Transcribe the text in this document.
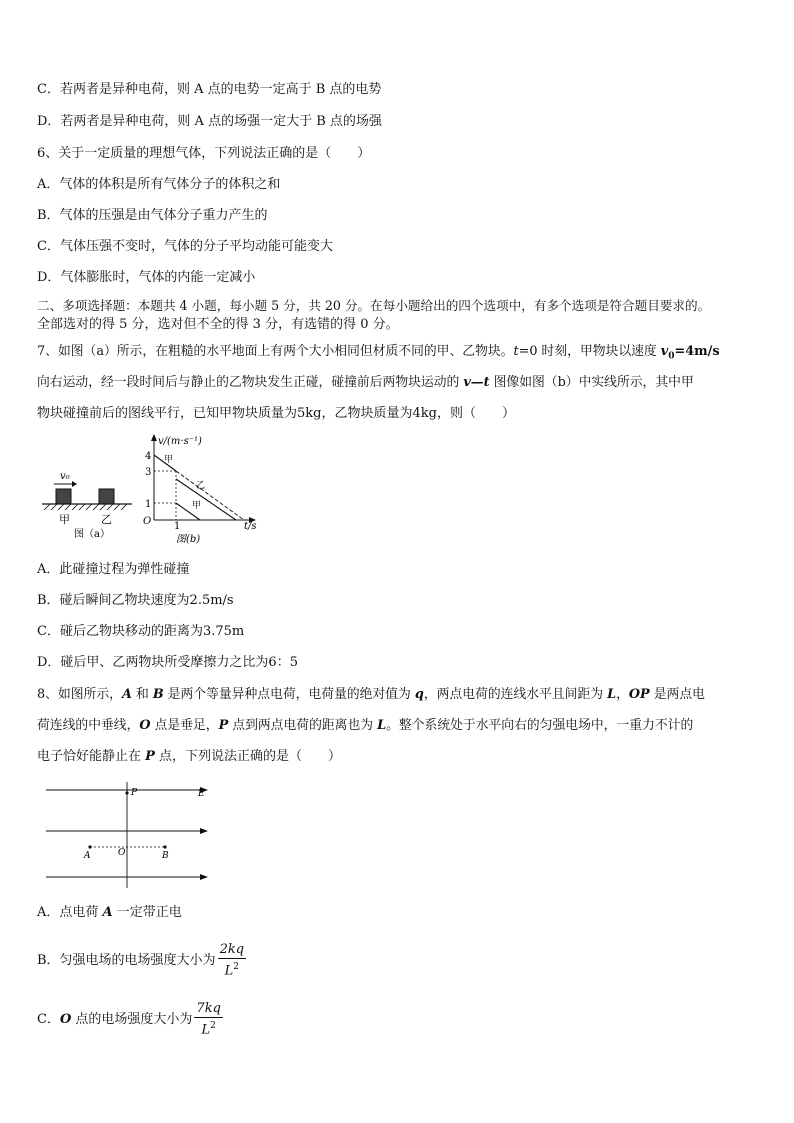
C．若两者是异种电荷，则 A 点的电势一定高于 B 点的电势
D．若两者是异种电荷，则 A 点的场强一定大于 B 点的场强
6、关于一定质量的理想气体，下列说法正确的是（　　）
A．气体的体积是所有气体分子的体积之和
B．气体的压强是由气体分子重力产生的
C．气体压强不变时，气体的分子平均动能可能变大
D．气体膨胀时，气体的内能一定减小
二、多项选择题：本题共 4 小题，每小题 5 分，共 20 分。在每小题给出的四个选项中，有多个选项是符合题目要求的。
全部选对的得 5 分，选对但不全的得 3 分，有选错的得 0 分。
7、如图（a）所示，在粗糙的水平地面上有两个大小相同但材质不同的甲、乙物块。t=0 时刻，甲物块以速度 $v_0=4m/s$
向右运动，经一段时间后与静止的乙物块发生正碰，碰撞前后两物块运动的 v—t 图像如图（b）中实线所示，其中甲
物块碰撞前后的图线平行，已知甲物块质量为5kg，乙物块质量为4kg，则（　　）
v₀
甲	乙
图（a）
v/(m·s⁻¹)
t/s
O
4
3
1
1
甲
乙
甲
图(b)
A．此碰撞过程为弹性碰撞
B．碰后瞬间乙物块速度为2.5m/s
C．碰后乙物块移动的距离为3.75m
D．碰后甲、乙两物块所受摩擦力之比为6：5
8、如图所示，A 和 B 是两个等量异种点电荷，电荷量的绝对值为 q，两点电荷的连线水平且间距为 L，OP 是两点电
荷连线的中垂线，O 点是垂足，P 点到两点电荷的距离也为 L。整个系统处于水平向右的匀强电场中，一重力不计的
电子恰好能静止在 P 点，下列说法正确的是（　　）
P	E
O
A	B
A．点电荷 A 一定带正电
B．匀强电场的电场强度大小为 $\frac{2kq}{L^2}$
C．O 点的电场强度大小为 $\frac{7kq}{L^2}$
